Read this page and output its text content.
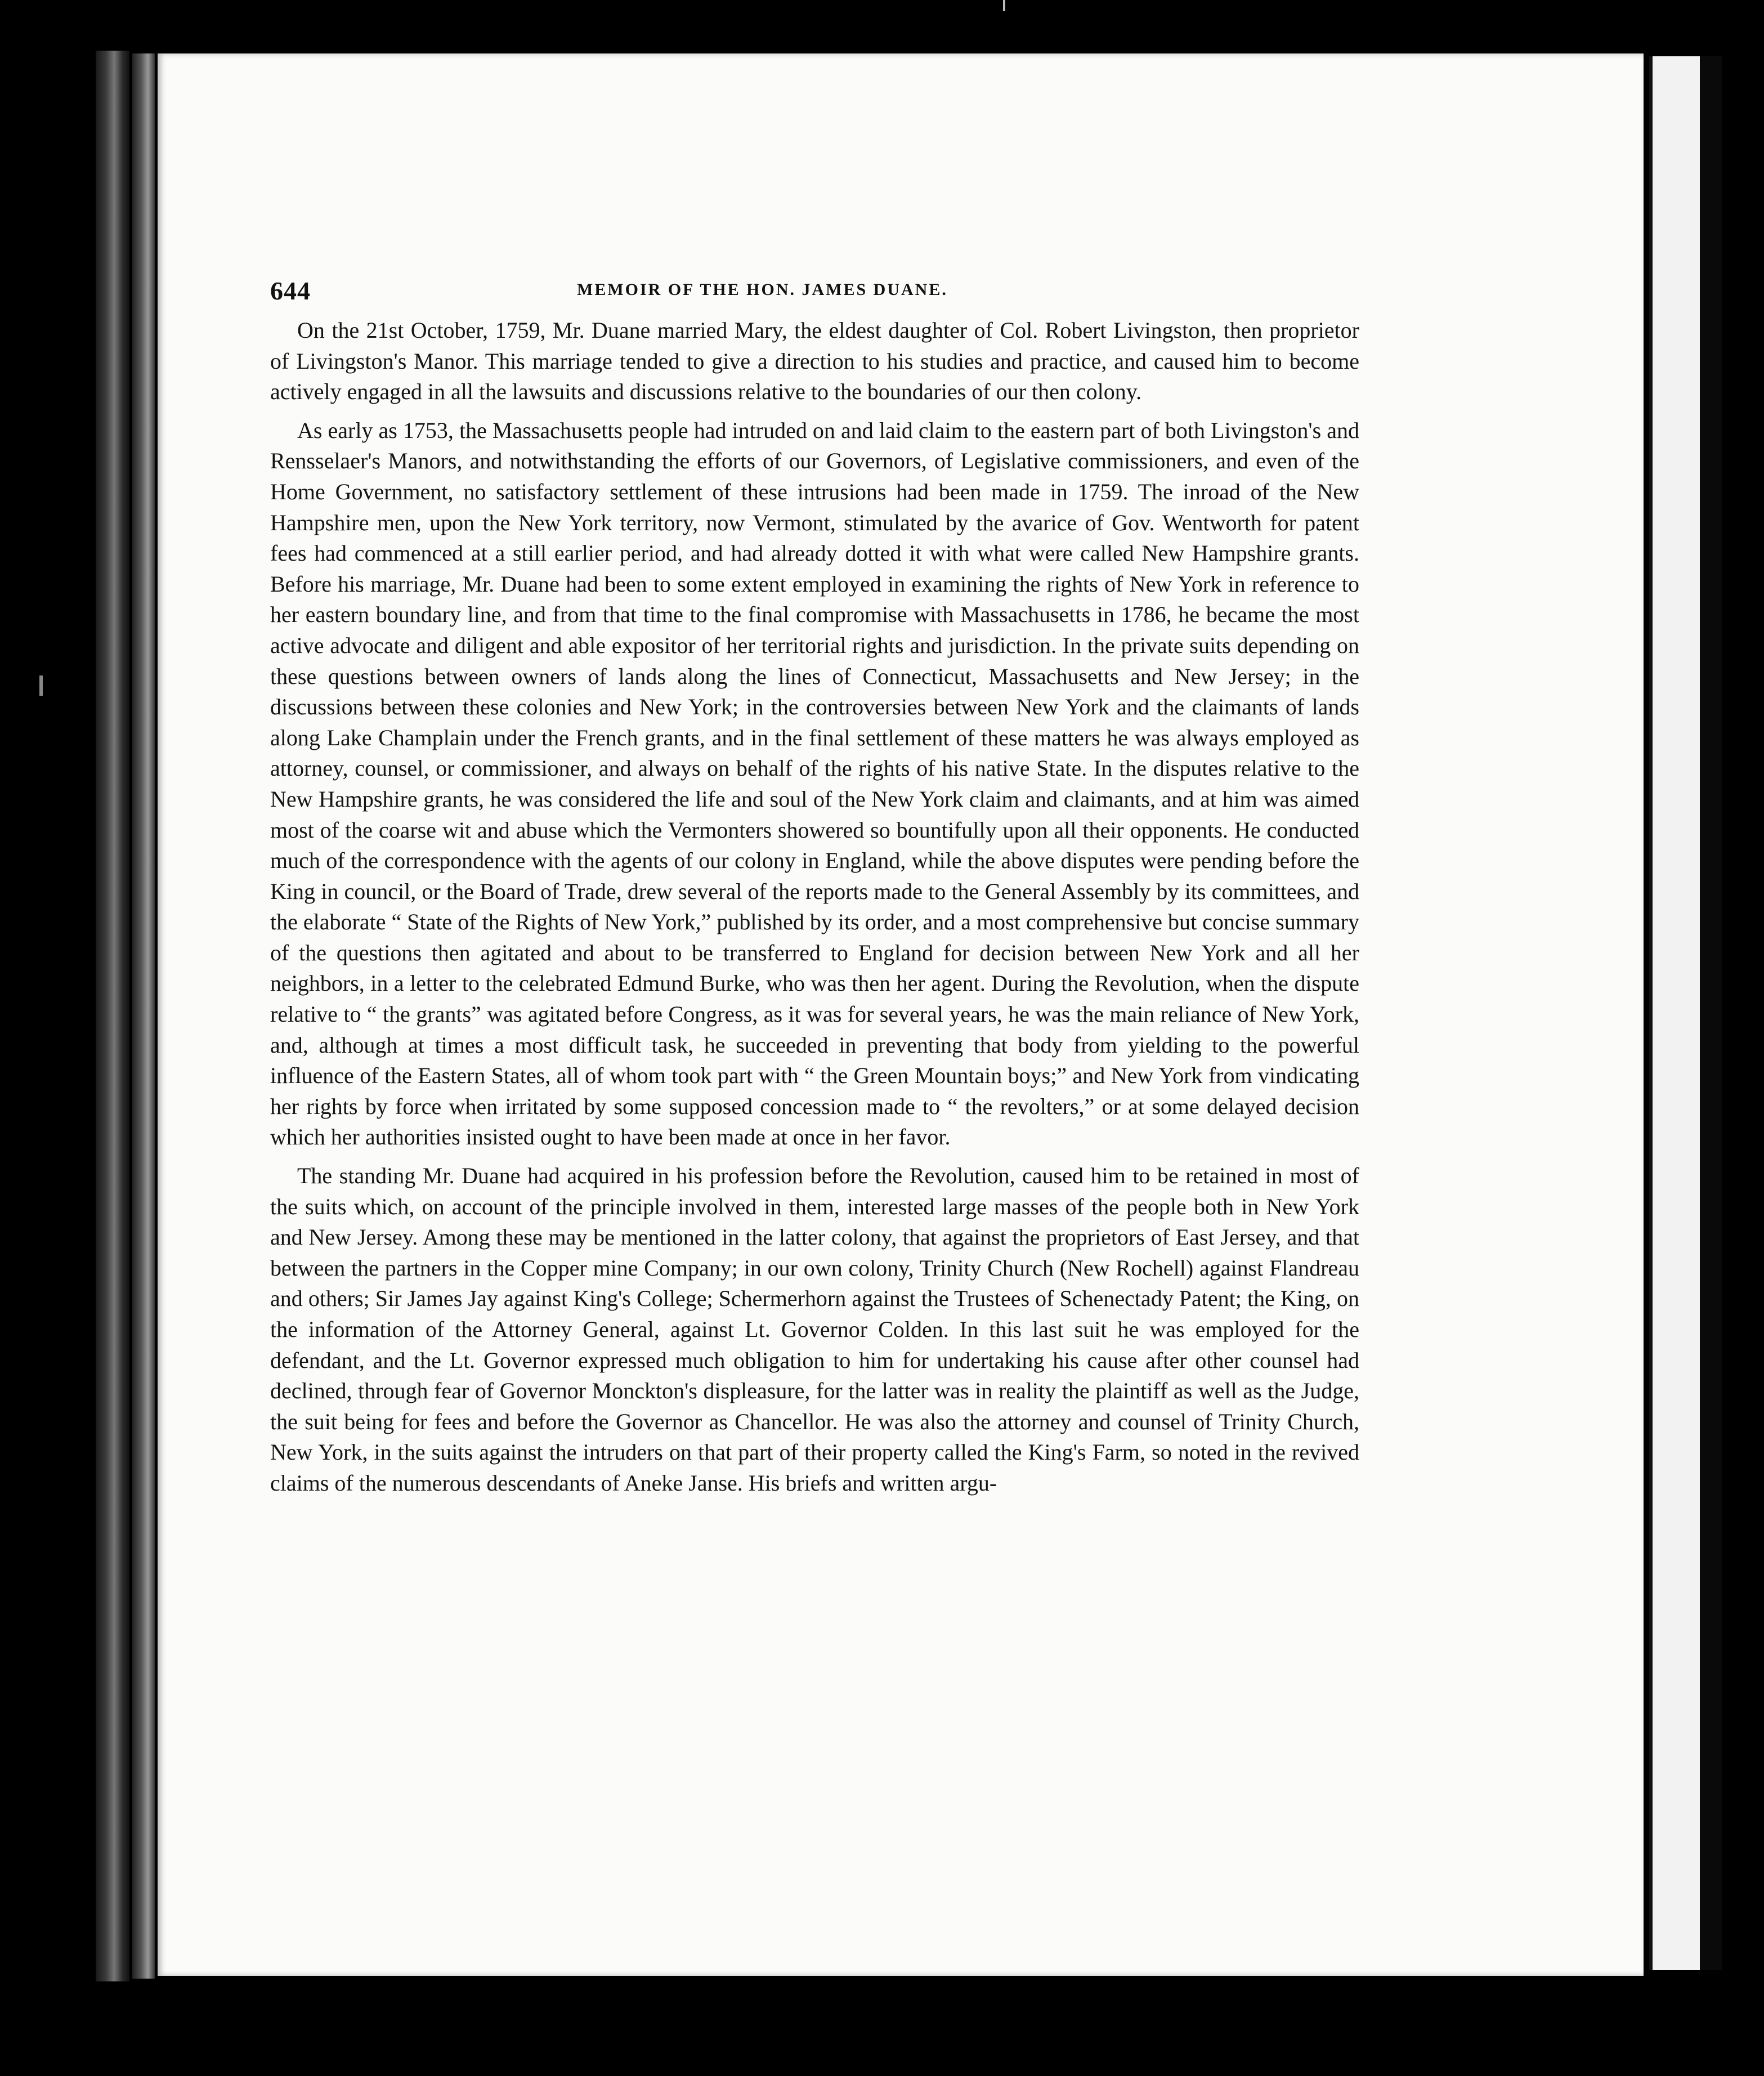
644	MEMOIR OF THE HON. JAMES DUANE.

On the 21st October, 1759, Mr. Duane married Mary, the eldest daughter of Col. Robert Livingston, then proprietor of Livingston's Manor. This marriage tended to give a direction to his studies and practice, and caused him to become actively engaged in all the lawsuits and discussions relative to the boundaries of our then colony.

As early as 1753, the Massachusetts people had intruded on and laid claim to the eastern part of both Livingston's and Rensselaer's Manors, and notwithstanding the efforts of our Governors, of Legislative commissioners, and even of the Home Government, no satisfactory settlement of these intrusions had been made in 1759. The inroad of the New Hampshire men, upon the New York territory, now Vermont, stimulated by the avarice of Gov. Wentworth for patent fees had commenced at a still earlier period, and had already dotted it with what were called New Hampshire grants. Before his marriage, Mr. Duane had been to some extent employed in examining the rights of New York in reference to her eastern boundary line, and from that time to the final compromise with Massachusetts in 1786, he became the most active advocate and diligent and able expositor of her territorial rights and jurisdiction. In the private suits depending on these questions between owners of lands along the lines of Connecticut, Massachusetts and New Jersey; in the discussions between these colonies and New York; in the controversies between New York and the claimants of lands along Lake Champlain under the French grants, and in the final settlement of these matters he was always employed as attorney, counsel, or commissioner, and always on behalf of the rights of his native State. In the disputes relative to the New Hampshire grants, he was considered the life and soul of the New York claim and claimants, and at him was aimed most of the coarse wit and abuse which the Vermonters showered so bountifully upon all their opponents. He conducted much of the correspondence with the agents of our colony in England, while the above disputes were pending before the King in council, or the Board of Trade, drew several of the reports made to the General Assembly by its committees, and the elaborate “ State of the Rights of New York,” published by its order, and a most comprehensive but concise summary of the questions then agitated and about to be transferred to England for decision between New York and all her neighbors, in a letter to the celebrated Edmund Burke, who was then her agent. During the Revolution, when the dispute relative to “ the grants” was agitated before Congress, as it was for several years, he was the main reliance of New York, and, although at times a most difficult task, he succeeded in preventing that body from yielding to the powerful influence of the Eastern States, all of whom took part with “ the Green Mountain boys;” and New York from vindicating her rights by force when irritated by some supposed concession made to “ the revolters,” or at some delayed decision which her authorities insisted ought to have been made at once in her favor.

The standing Mr. Duane had acquired in his profession before the Revolution, caused him to be retained in most of the suits which, on account of the principle involved in them, interested large masses of the people both in New York and New Jersey. Among these may be mentioned in the latter colony, that against the proprietors of East Jersey, and that between the partners in the Copper mine Company; in our own colony, Trinity Church (New Rochell) against Flandreau and others; Sir James Jay against King's College; Schermerhorn against the Trustees of Schenectady Patent; the King, on the information of the Attorney General, against Lt. Governor Colden. In this last suit he was employed for the defendant, and the Lt. Governor expressed much obligation to him for undertaking his cause after other counsel had declined, through fear of Governor Monckton's displeasure, for the latter was in reality the plaintiff as well as the Judge, the suit being for fees and before the Governor as Chancellor. He was also the attorney and counsel of Trinity Church, New York, in the suits against the intruders on that part of their property called the King's Farm, so noted in the revived claims of the numerous descendants of Aneke Janse. His briefs and written argu-
